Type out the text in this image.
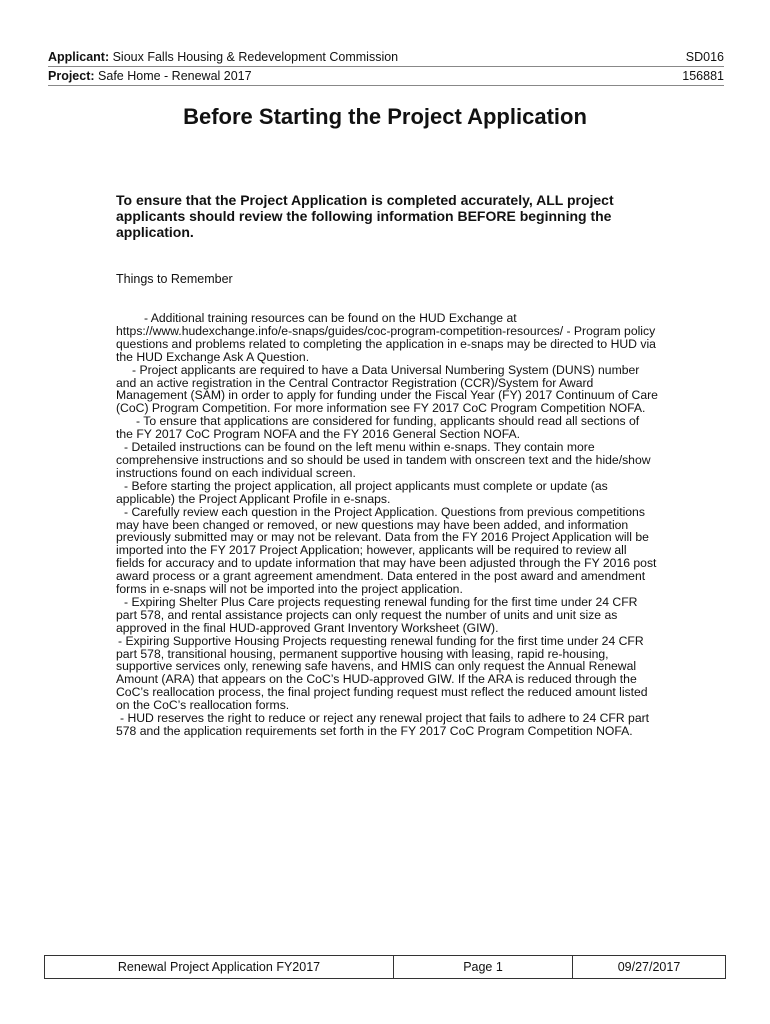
Applicant: Sioux Falls Housing & Redevelopment Commission	SD016
Project: Safe Home - Renewal 2017	156881
Before Starting the Project Application
To ensure that the Project Application is completed accurately, ALL project applicants should review the following information BEFORE beginning the application.
Things to Remember

- Additional training resources can be found on the HUD Exchange at https://www.hudexchange.info/e-snaps/guides/coc-program-competition-resources/ - Program policy questions and problems related to completing the application in e-snaps may be directed to HUD via the HUD Exchange Ask A Question.

- Project applicants are required to have a Data Universal Numbering System (DUNS) number and an active registration in the Central Contractor Registration (CCR)/System for Award Management (SAM) in order to apply for funding under the Fiscal Year (FY) 2017 Continuum of Care (CoC) Program Competition. For more information see FY 2017 CoC Program Competition NOFA.

- To ensure that applications are considered for funding, applicants should read all sections of the FY 2017 CoC Program NOFA and the FY 2016 General Section NOFA.

- Detailed instructions can be found on the left menu within e-snaps. They contain more comprehensive instructions and so should be used in tandem with onscreen text and the hide/show instructions found on each individual screen.

- Before starting the project application, all project applicants must complete or update (as applicable) the Project Applicant Profile in e-snaps.

- Carefully review each question in the Project Application. Questions from previous competitions may have been changed or removed, or new questions may have been added, and information previously submitted may or may not be relevant. Data from the FY 2016 Project Application will be imported into the FY 2017 Project Application; however, applicants will be required to review all fields for accuracy and to update information that may have been adjusted through the FY 2016 post award process or a grant agreement amendment. Data entered in the post award and amendment forms in e-snaps will not be imported into the project application.

- Expiring Shelter Plus Care projects requesting renewal funding for the first time under 24 CFR part 578, and rental assistance projects can only request the number of units and unit size as approved in the final HUD-approved Grant Inventory Worksheet (GIW).

- Expiring Supportive Housing Projects requesting renewal funding for the first time under 24 CFR part 578, transitional housing, permanent supportive housing with leasing, rapid re-housing, supportive services only, renewing safe havens, and HMIS can only request the Annual Renewal Amount (ARA) that appears on the CoC’s HUD-approved GIW. If the ARA is reduced through the CoC’s reallocation process, the final project funding request must reflect the reduced amount listed on the CoC’s reallocation forms.

- HUD reserves the right to reduce or reject any renewal project that fails to adhere to 24 CFR part 578 and the application requirements set forth in the FY 2017 CoC Program Competition NOFA.

Renewal Project Application FY2017	Page 1	09/27/2017
